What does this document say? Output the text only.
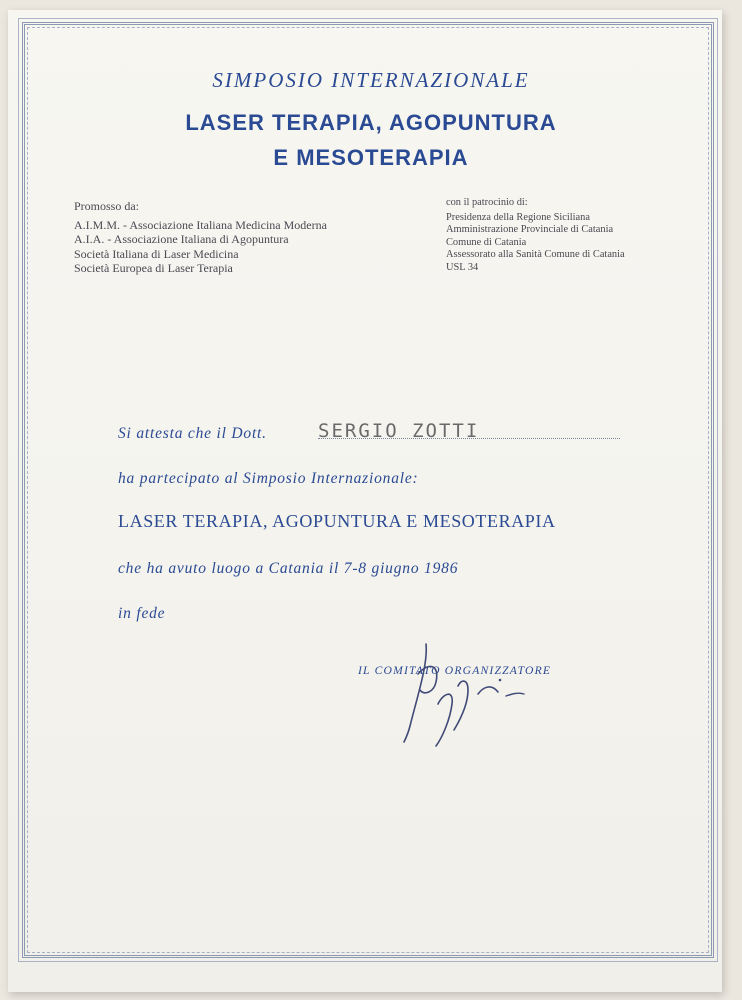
SIMPOSIO INTERNAZIONALE
LASER TERAPIA, AGOPUNTURA
E MESOTERAPIA
Promosso da:
A.I.M.M. - Associazione Italiana Medicina Moderna
A.I.A. - Associazione Italiana di Agopuntura
Società Italiana di Laser Medicina
Società Europea di Laser Terapia
con il patrocinio di:
Presidenza della Regione Siciliana
Amministrazione Provinciale di Catania
Comune di Catania
Assessorato alla Sanità Comune di Catania
USL 34
Si attesta che il Dott.	SERGIO ZOTTI
ha partecipato al Simposio Internazionale:
LASER TERAPIA, AGOPUNTURA E MESOTERAPIA
che ha avuto luogo a Catania il 7-8 giugno 1986
in fede
IL COMITATO ORGANIZZATORE
